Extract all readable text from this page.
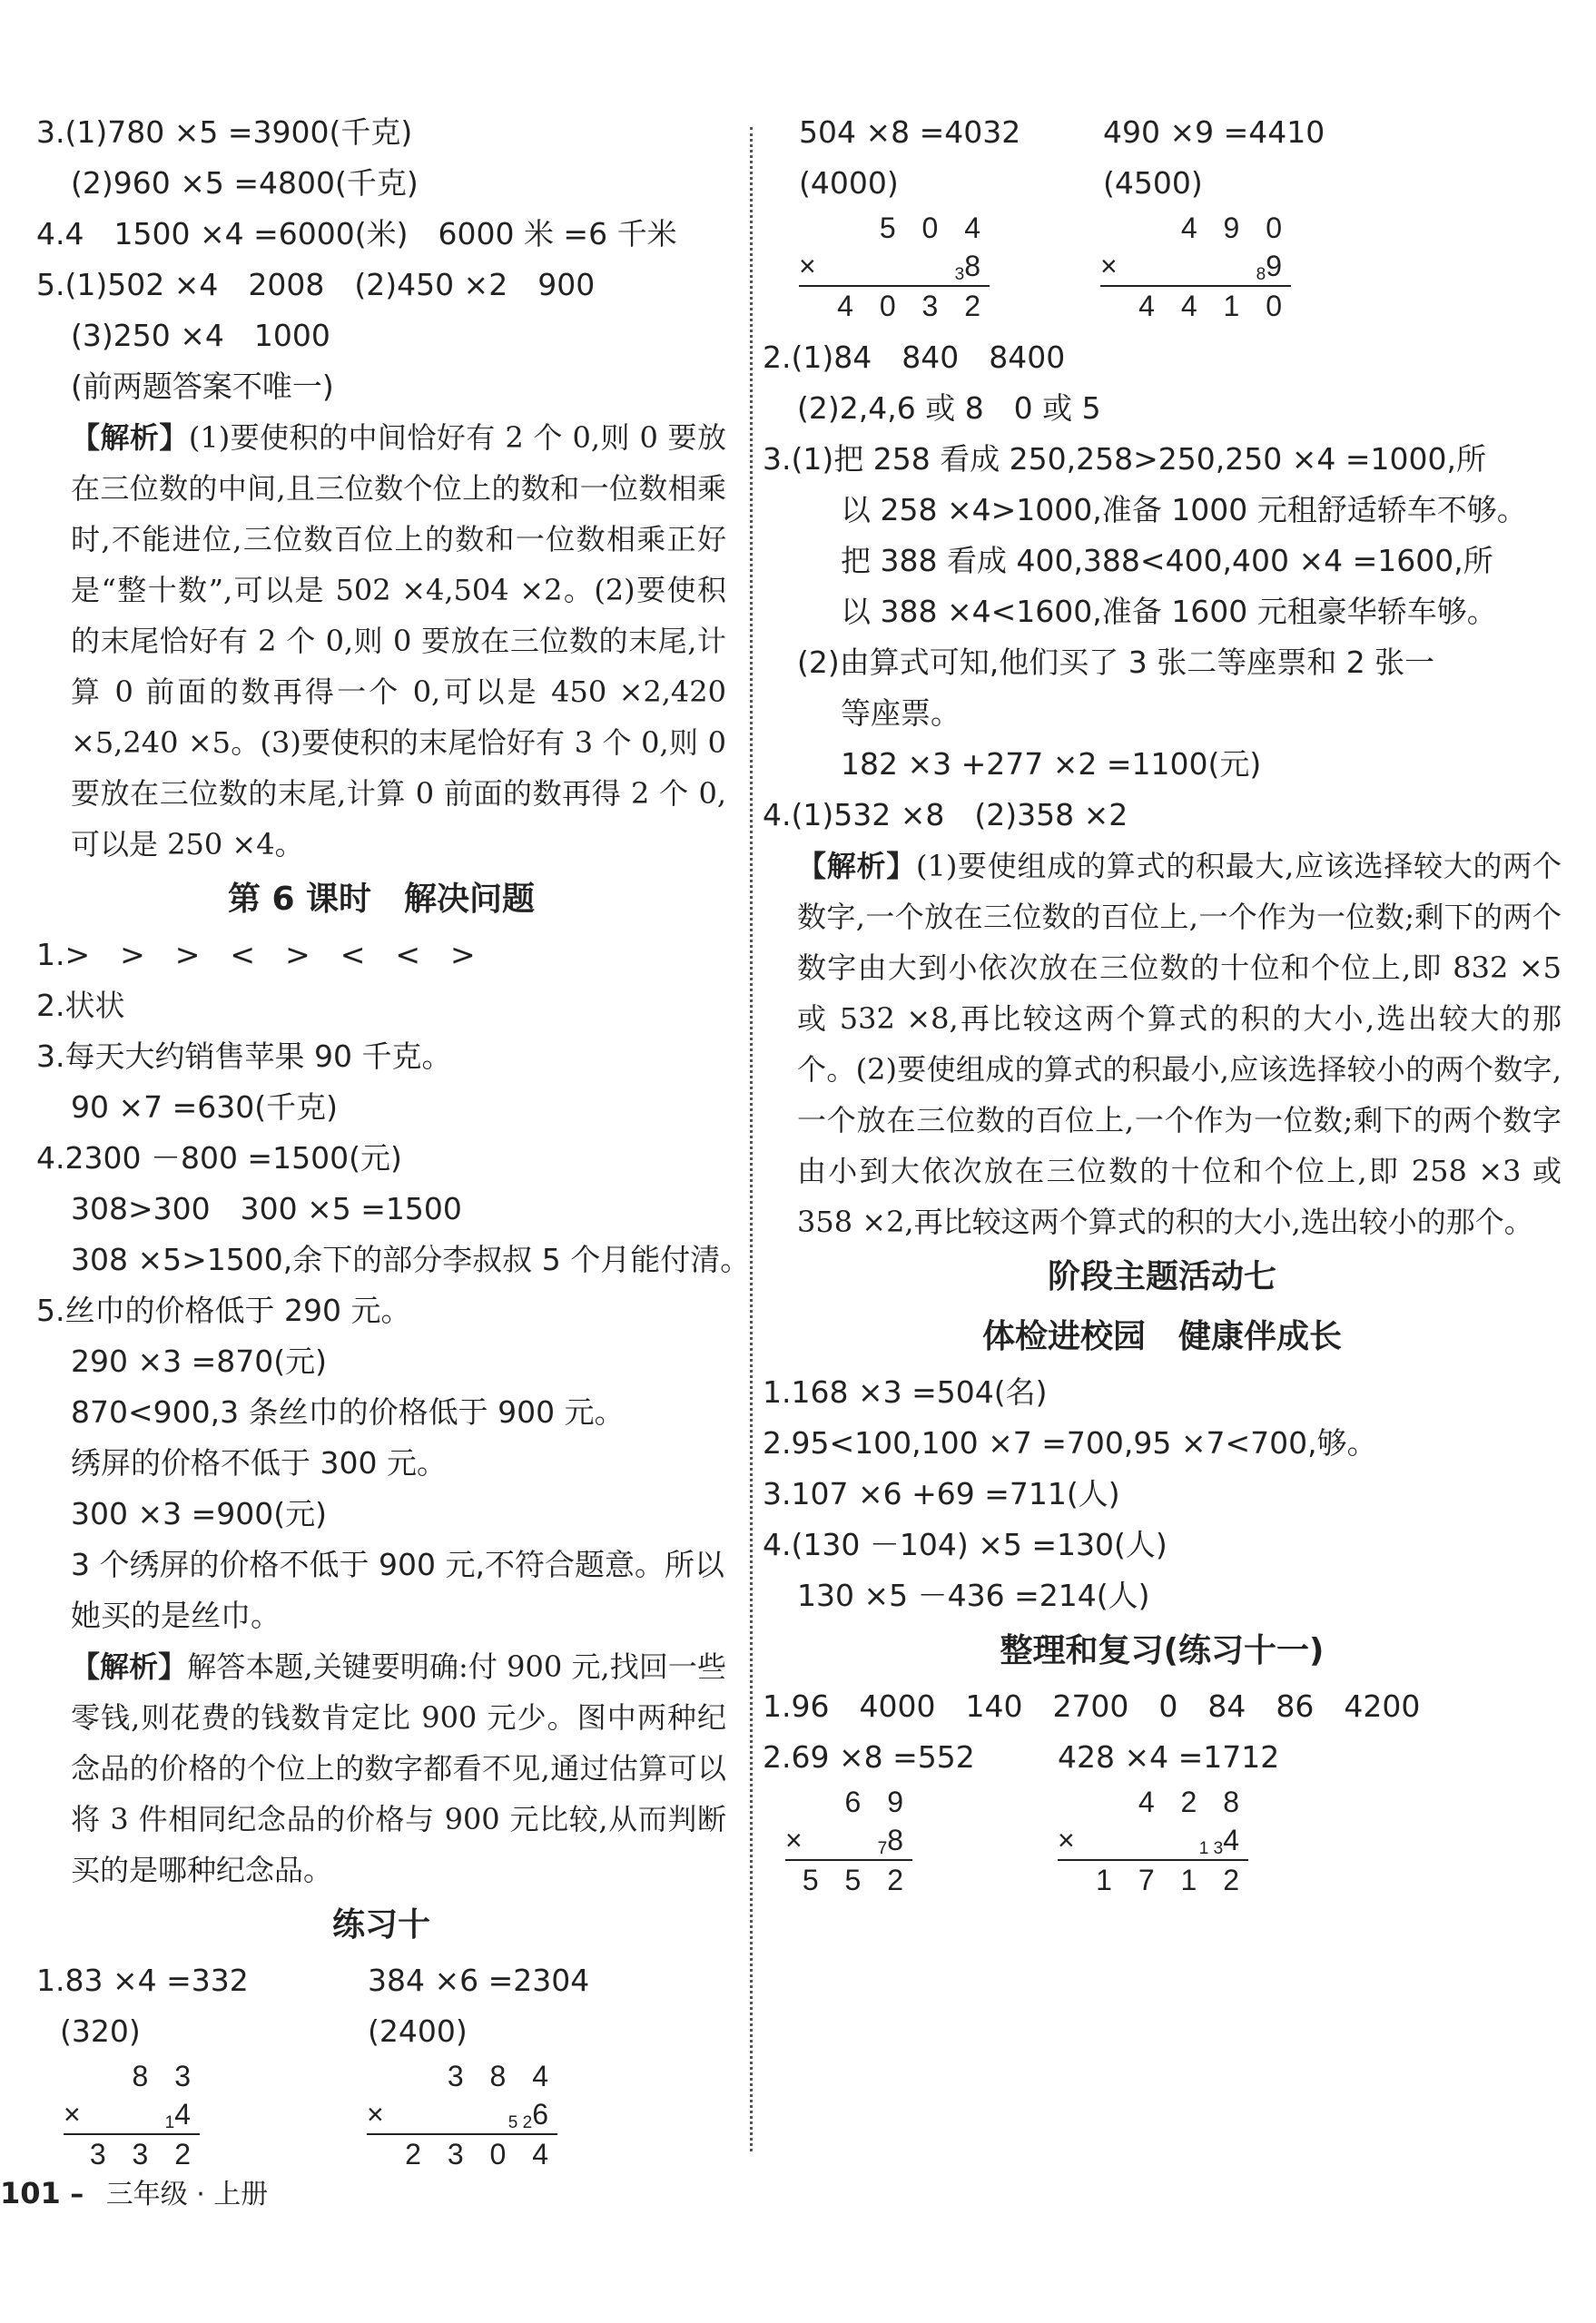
3.(1)780 ×5 =3900(千克)
(2)960 ×5 =4800(千克)
4.4　1500 ×4 =6000(米)　6000 米 =6 千米
5.(1)502 ×4　2008　(2)450 ×2　900
(3)250 ×4　1000
(前两题答案不唯一)
【解析】(1)要使积的中间恰好有 2 个 0,则 0 要放在三位数的中间,且三位数个位上的数和一位数相乘时,不能进位,三位数百位上的数和一位数相乘正好是“整十数”,可以是 502 ×4,504 ×2。(2)要使积的末尾恰好有 2 个 0,则 0 要放在三位数的末尾,计算 0 前面的数再得一个 0,可以是 450 ×2,420 ×5,240 ×5。(3)要使积的末尾恰好有 3 个 0,则 0 要放在三位数的末尾,计算 0 前面的数再得 2 个 0,可以是 250 ×4。
第 6 课时　解决问题
1.>　>　>　<　>　<　<　>
2.状状
3.每天大约销售苹果 90 千克。
90 ×7 =630(千克)
4.2300 －800 =1500(元)
308>300　300 ×5 =1500
308 ×5>1500,余下的部分李叔叔 5 个月能付清。
5.丝巾的价格低于 290 元。
290 ×3 =870(元)
870<900,3 条丝巾的价格低于 900 元。
绣屏的价格不低于 300 元。
300 ×3 =900(元)
3 个绣屏的价格不低于 900 元,不符合题意。所以
她买的是丝巾。
【解析】解答本题,关键要明确:付 900 元,找回一些零钱,则花费的钱数肯定比 900 元少。图中两种纪念品的价格的个位上的数字都看不见,通过估算可以将 3 件相同纪念品的价格与 900 元比较,从而判断买的是哪种纪念品。
练习十
1.83 ×4 =332	384 ×6 =2304
(320)	(2400)
8 3
×	14
3 3 2
3 8 4
×	5 26
2 3 0 4
504 ×8 =4032	490 ×9 =4410
(4000)	(4500)
5 0 4
×	38
4 0 3 2
4 9 0
×	89
4 4 1 0
2.(1)84　840　8400
(2)2,4,6 或 8　0 或 5
3.(1)把 258 看成 250,258>250,250 ×4 =1000,所
以 258 ×4>1000,准备 1000 元租舒适轿车不够。
把 388 看成 400,388<400,400 ×4 =1600,所
以 388 ×4<1600,准备 1600 元租豪华轿车够。
(2)由算式可知,他们买了 3 张二等座票和 2 张一
等座票。
182 ×3 +277 ×2 =1100(元)
4.(1)532 ×8　(2)358 ×2
【解析】(1)要使组成的算式的积最大,应该选择较大的两个数字,一个放在三位数的百位上,一个作为一位数;剩下的两个数字由大到小依次放在三位数的十位和个位上,即 832 ×5 或 532 ×8,再比较这两个算式的积的大小,选出较大的那个。(2)要使组成的算式的积最小,应该选择较小的两个数字,一个放在三位数的百位上,一个作为一位数;剩下的两个数字由小到大依次放在三位数的十位和个位上,即 258 ×3 或 358 ×2,再比较这两个算式的积的大小,选出较小的那个。
阶段主题活动七
体检进校园　健康伴成长
1.168 ×3 =504(名)
2.95<100,100 ×7 =700,95 ×7<700,够。
3.107 ×6 +69 =711(人)
4.(130 －104) ×5 =130(人)
130 ×5 －436 =214(人)
整理和复习(练习十一)
1.96　4000　140　2700　0　84　86　4200
2.69 ×8 =552	428 ×4 =1712
6 9
×	78
5 5 2
4 2 8
×	1 34
1 7 1 2
101 – 三年级 · 上册
